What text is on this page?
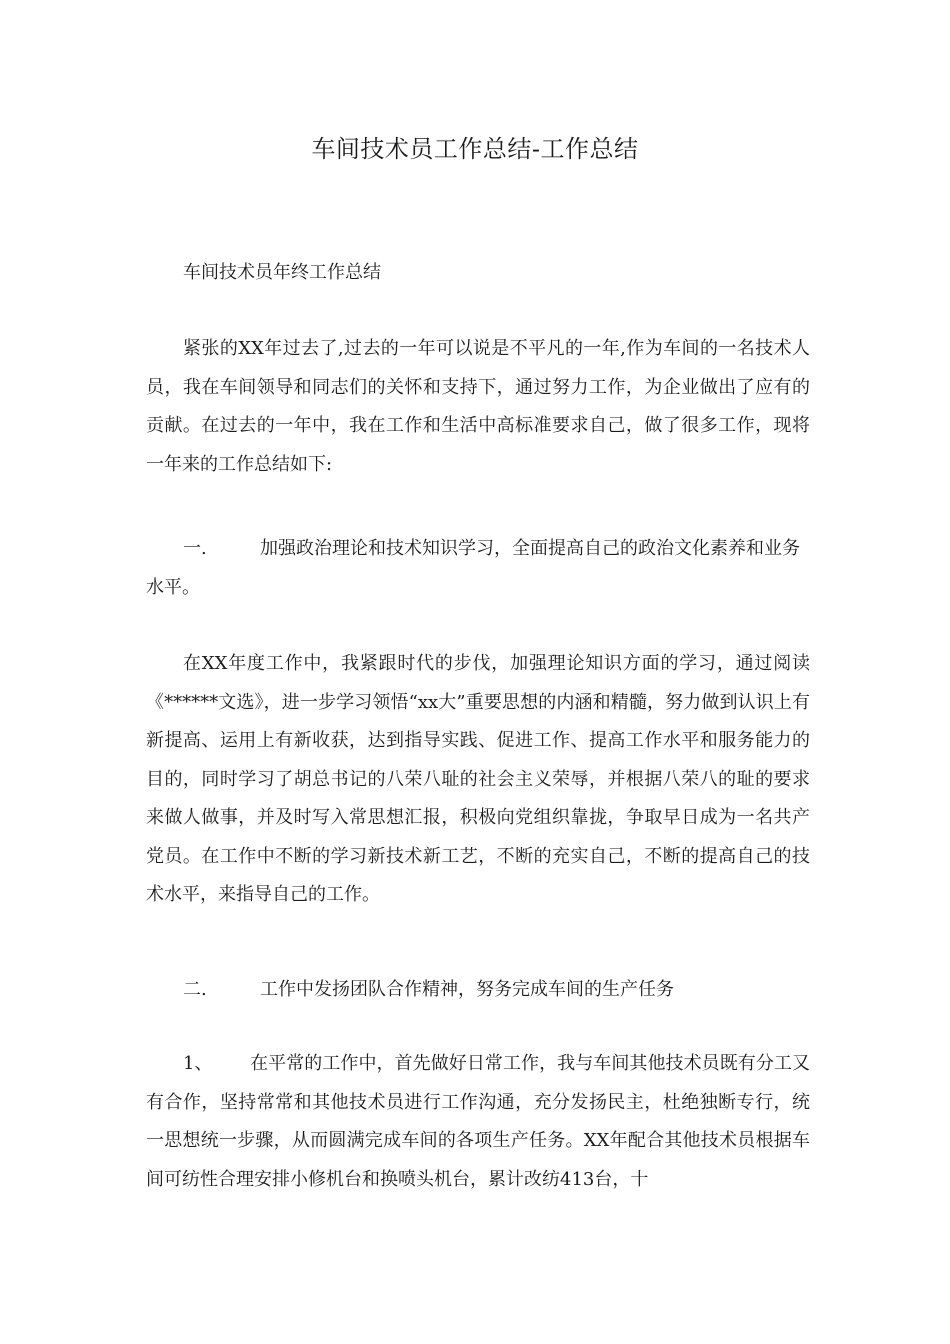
车间技术员工作总结-工作总结
车间技术员年终工作总结

紧张的XX年过去了,过去的一年可以说是不平凡的一年,作为车间的一名技术人员，我在车间领导和同志们的关怀和支持下，通过努力工作，为企业做出了应有的贡献。在过去的一年中，我在工作和生活中高标准要求自己，做了很多工作，现将一年来的工作总结如下:

一.	加强政治理论和技术知识学习，全面提高自己的政治文化素养和业务水平。

在XX年度工作中，我紧跟时代的步伐，加强理论知识方面的学习，通过阅读《******文选》，进一步学习领悟“xx大”重要思想的内涵和精髓，努力做到认识上有新提高、运用上有新收获，达到指导实践、促进工作、提高工作水平和服务能力的目的，同时学习了胡总书记的八荣八耻的社会主义荣辱，并根据八荣八的耻的要求来做人做事，并及时写入常思想汇报，积极向党组织靠拢，争取早日成为一名共产党员。在工作中不断的学习新技术新工艺，不断的充实自己，不断的提高自己的技术水平，来指导自己的工作。

二.	工作中发扬团队合作精神，努务完成车间的生产任务

1、 在平常的工作中，首先做好日常工作，我与车间其他技术员既有分工又有合作，坚持常常和其他技术员进行工作沟通，充分发扬民主，杜绝独断专行，统一思想统一步骤，从而圆满完成车间的各项生产任务。XX年配合其他技术员根据车间可纺性合理安排小修机台和换喷头机台，累计改纺413台，十
